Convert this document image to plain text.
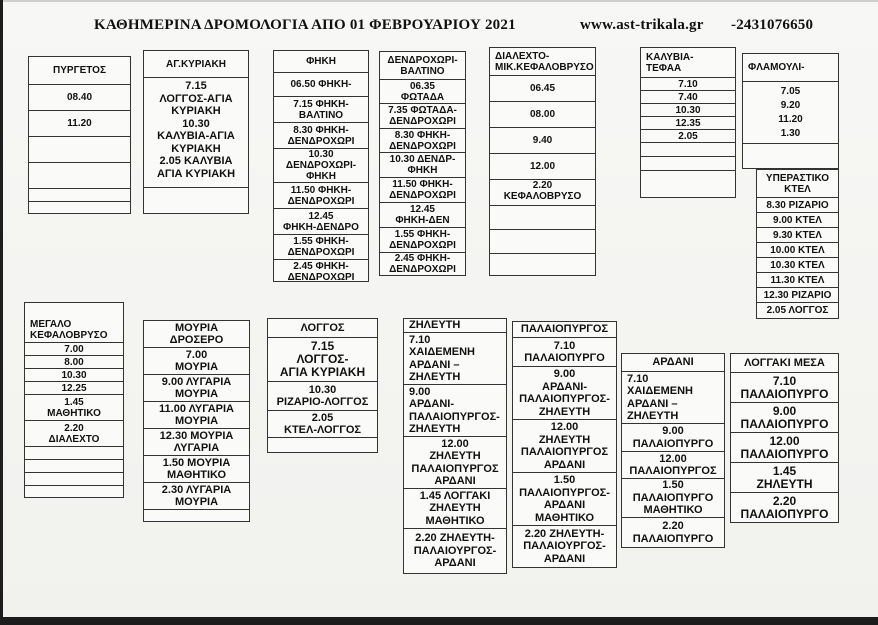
ΚΑΘΗΜΕΡΙΝΑ ΔΡΟΜΟΛΟΓΙΑ ΑΠΟ 01 ΦΕΒΡΟΥΑΡΙΟΥ 2021	www.ast-trikala.gr -2431076650
ΠΥΡΓΕΤΟΣ
08.40
11.20
ΑΓ.ΚΥΡΙΑΚΗ
7.15
ΛΟΓΓΟΣ-ΑΓΙΑ
ΚΥΡΙΑΚΗ
10.30
ΚΑΛΥΒΙΑ-ΑΓΙΑ
ΚΥΡΙΑΚΗ
2.05 ΚΑΛΥΒΙΑ
ΑΓΙΑ ΚΥΡΙΑΚΗ
ΦΗΚΗ
06.50 ΦΗΚΗ-
7.15 ΦΗΚΗ-
ΒΑΛΤΙΝΟ
8.30 ΦΗΚΗ-
ΔΕΝΔΡΟΧΩΡΙ
10.30
ΔΕΝΔΡΟΧΩΡΙ-
ΦΗΚΗ
11.50 ΦΗΚΗ-
ΔΕΝΔΡΟΧΩΡΙ
12.45
ΦΗΚΗ-ΔΕΝΔΡΟ
1.55 ΦΗΚΗ-
ΔΕΝΔΡΟΧΩΡΙ
2.45 ΦΗΚΗ-
ΔΕΝΔΡΟΧΩΡΙ
ΔΕΝΔΡΟΧΩΡΙ-
ΒΑΛΤΙΝΟ
06.35
ΦΩΤΑΔΑ
7.35 ΦΩΤΑΔΑ-
ΔΕΝΔΡΟΧΩΡΙ
8.30 ΦΗΚΗ-
ΔΕΝΔΡΟΧΩΡΙ
10.30 ΔΕΝΔΡ-
ΦΗΚΗ
11.50 ΦΗΚΗ-
ΔΕΝΔΡΟΧΩΡΙ
12.45
ΦΗΚΗ-ΔΕΝ
1.55 ΦΗΚΗ-
ΔΕΝΔΡΟΧΩΡΙ
2.45 ΦΗΚΗ-
ΔΕΝΔΡΟΧΩΡΙ
ΔΙΑΛΕΧΤΟ-
ΜΙΚ.ΚΕΦΑΛΟΒΡΥΣΟ
06.45
08.00
9.40
12.00
2.20
ΚΕΦΑΛΟΒΡΥΣΟ
ΚΑΛΥΒΙΑ-
ΤΕΦΑΑ
7.10
7.40
10.30
12.35
2.05
ΦΛΑΜΟΥΛΙ-
7.05
9.20
11.20
1.30
ΥΠΕΡΑΣΤΙΚΟ
ΚΤΕΛ
8.30 ΡΙΖΑΡΙΟ
9.00 ΚΤΕΛ
9.30 ΚΤΕΛ
10.00 ΚΤΕΛ
10.30 ΚΤΕΛ
11.30 ΚΤΕΛ
12.30 ΡΙΖΑΡΙΟ
2.05 ΛΟΓΓΟΣ
ΜΕΓΑΛΟ
ΚΕΦΑΛΟΒΡΥΣΟ
7.00
8.00
10.30
12.25
1.45
ΜΑΘΗΤΙΚΟ
2.20
ΔΙΑΛΕΧΤΟ
ΜΟΥΡΙΑ
ΔΡΟΣΕΡΟ
7.00
ΜΟΥΡΙΑ
9.00 ΛΥΓΑΡΙΑ
ΜΟΥΡΙΑ
11.00 ΛΥΓΑΡΙΑ
ΜΟΥΡΙΑ
12.30 ΜΟΥΡΙΑ
ΛΥΓΑΡΙΑ
1.50 ΜΟΥΡΙΑ
ΜΑΘΗΤΙΚΟ
2.30 ΛΥΓΑΡΙΑ
ΜΟΥΡΙΑ
ΛΟΓΓΟΣ
7.15
ΛΟΓΓΟΣ-
ΑΓΙΑ ΚΥΡΙΑΚΗ
10.30
ΡΙΖΑΡΙΟ-ΛΟΓΓΟΣ
2.05
ΚΤΕΛ-ΛΟΓΓΟΣ
ΖΗΛΕΥΤΗ
7.10
ΧΑΙΔΕΜΕΝΗ
ΑΡΔΑΝΙ –
ΖΗΛΕΥΤΗ
9.00
ΑΡΔΑΝΙ-
ΠΑΛΑΙΟΠΥΡΓΟΣ-
ΖΗΛΕΥΤΗ
12.00
ΖΗΛΕΥΤΗ
ΠΑΛΑΙΟΠΥΡΓΟΣ
ΑΡΔΑΝΙ
1.45 ΛΟΓΓΑΚΙ
ΖΗΛΕΥΤΗ
ΜΑΘΗΤΙΚΟ
2.20 ΖΗΛΕΥΤΗ-
ΠΑΛΑΙΟΥΡΓΟΣ-
ΑΡΔΑΝΙ
ΠΑΛΑΙΟΠΥΡΓΟΣ
7.10
ΠΑΛΑΙΟΠΥΡΓΟ
9.00
ΑΡΔΑΝΙ-
ΠΑΛΑΙΟΠΥΡΓΟΣ-
ΖΗΛΕΥΤΗ
12.00
ΖΗΛΕΥΤΗ
ΠΑΛΑΙΟΠΥΡΓΟΣ
ΑΡΔΑΝΙ
1.50
ΠΑΛΑΙΟΠΥΡΓΟΣ-
ΑΡΔΑΝΙ
ΜΑΘΗΤΙΚΟ
2.20 ΖΗΛΕΥΤΗ-
ΠΑΛΑΙΟΥΡΓΟΣ-
ΑΡΔΑΝΙ
ΑΡΔΑΝΙ
7.10
ΧΑΙΔΕΜΕΝΗ
ΑΡΔΑΝΙ –
ΖΗΛΕΥΤΗ
9.00
ΠΑΛΑΙΟΠΥΡΓΟ
12.00
ΠΑΛΑΙΟΠΥΡΓΟΣ
1.50
ΠΑΛΑΙΟΠΥΡΓΟ
ΜΑΘΗΤΙΚΟ
2.20
ΠΑΛΑΙΟΠΥΡΓΟ
ΛΟΓΓΑΚΙ ΜΕΣΑ
7.10
ΠΑΛΑΙΟΠΥΡΓΟ
9.00
ΠΑΛΑΙΟΠΥΡΓΟ
12.00
ΠΑΛΑΙΟΠΥΡΓΟ
1.45
ΖΗΛΕΥΤΗ
2.20
ΠΑΛΑΙΟΠΥΡΓΟ
